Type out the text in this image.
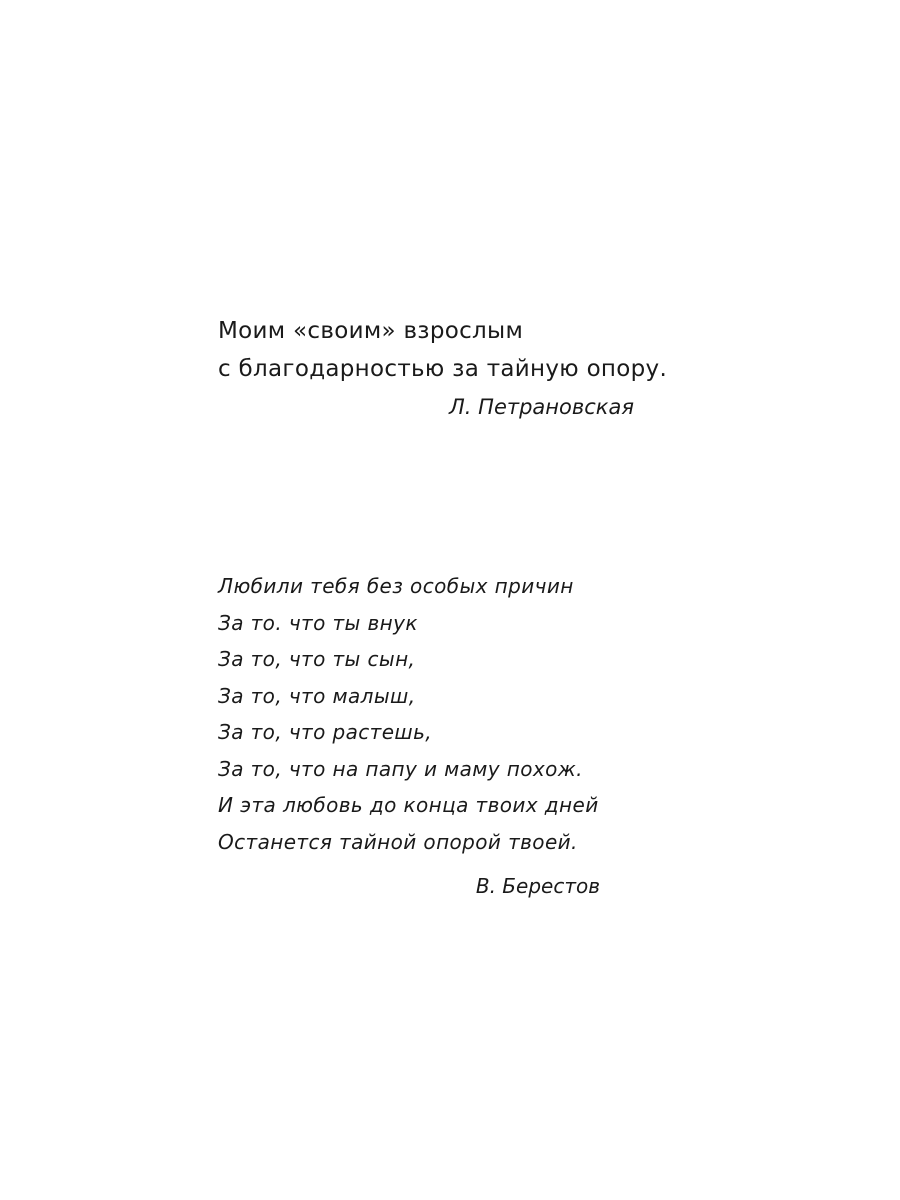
Моим «своим» взрослым
с благодарностью за тайную опору.
Л. Петрановская
Любили тебя без особых причин
За то. что ты внук
За то, что ты сын,
За то, что малыш,
За то, что растешь,
За то, что на папу и маму похож.
И эта любовь до конца твоих дней
Останется тайной опорой твоей.
В. Берестов
